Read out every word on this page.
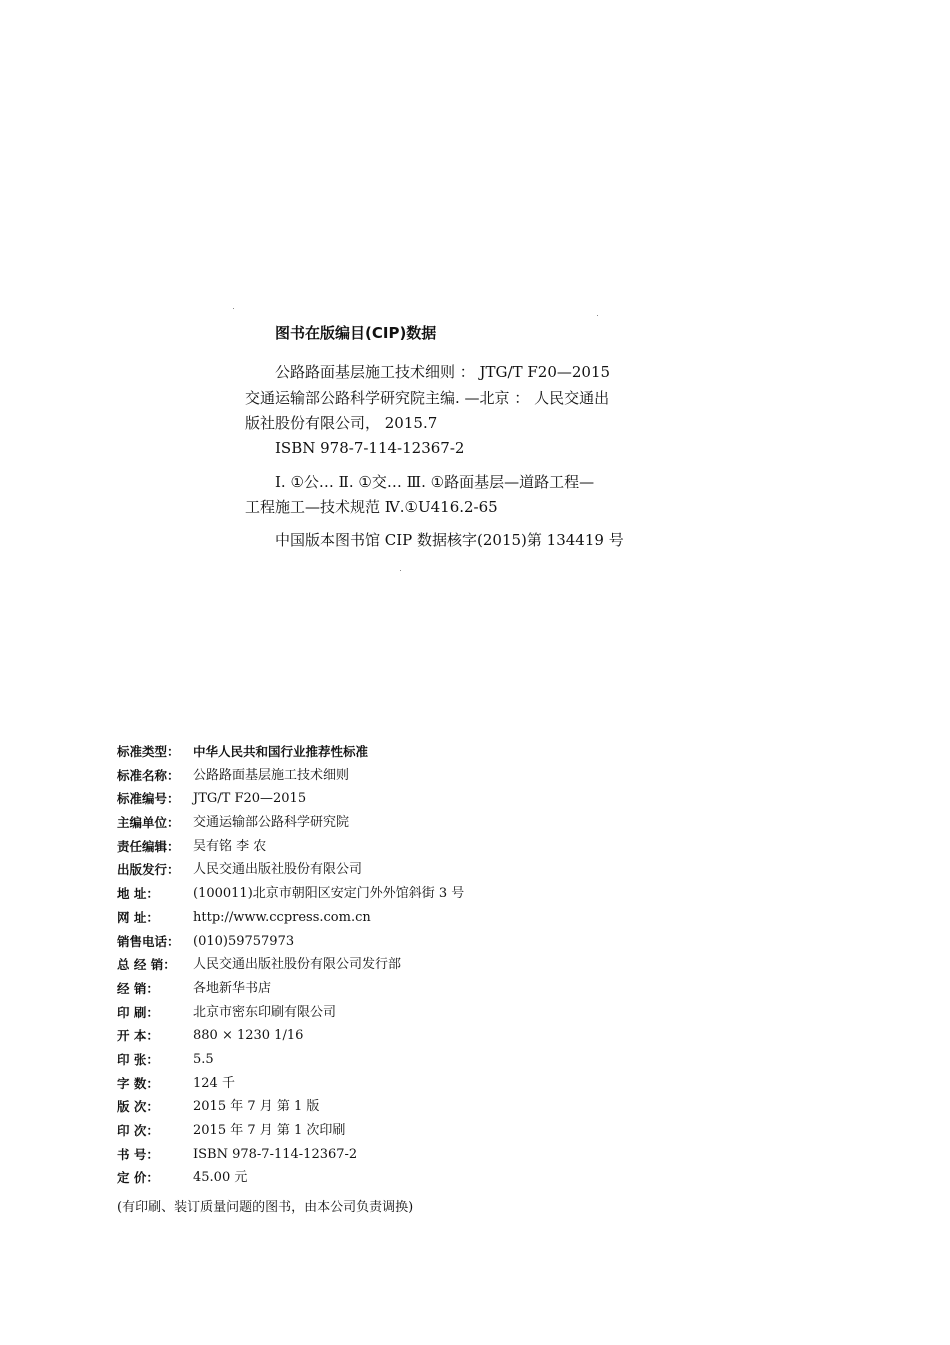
图书在版编目(CIP)数据
公路路面基层施工技术细则 ： JTG/T F20—2015
交通运输部公路科学研究院主编. —北京 ： 人民交通出
版社股份有限公司， 2015.7
ISBN 978-7-114-12367-2
Ⅰ. ①公… Ⅱ. ①交… Ⅲ. ①路面基层—道路工程—
工程施工—技术规范 Ⅳ.①U416.2-65
中国版本图书馆 CIP 数据核字(2015)第 134419 号
标准类型：	中华人民共和国行业推荐性标准
标准名称：	公路路面基层施工技术细则
标准编号：	JTG/T F20—2015
主编单位：	交通运输部公路科学研究院
责任编辑：	吴有铭 李 农
出版发行：	人民交通出版社股份有限公司
地 址：	(100011)北京市朝阳区安定门外外馆斜街 3 号
网 址：	http://www.ccpress.com.cn
销售电话：	(010)59757973
总 经 销：	人民交通出版社股份有限公司发行部
经 销：	各地新华书店
印 刷：	北京市密东印刷有限公司
开 本：	880 × 1230 1/16
印 张：	5.5
字 数：	124 千
版 次：	2015 年 7 月 第 1 版
印 次：	2015 年 7 月 第 1 次印刷
书 号：	ISBN 978-7-114-12367-2
定 价：	45.00 元
(有印刷、装订质量问题的图书，由本公司负责调换)
